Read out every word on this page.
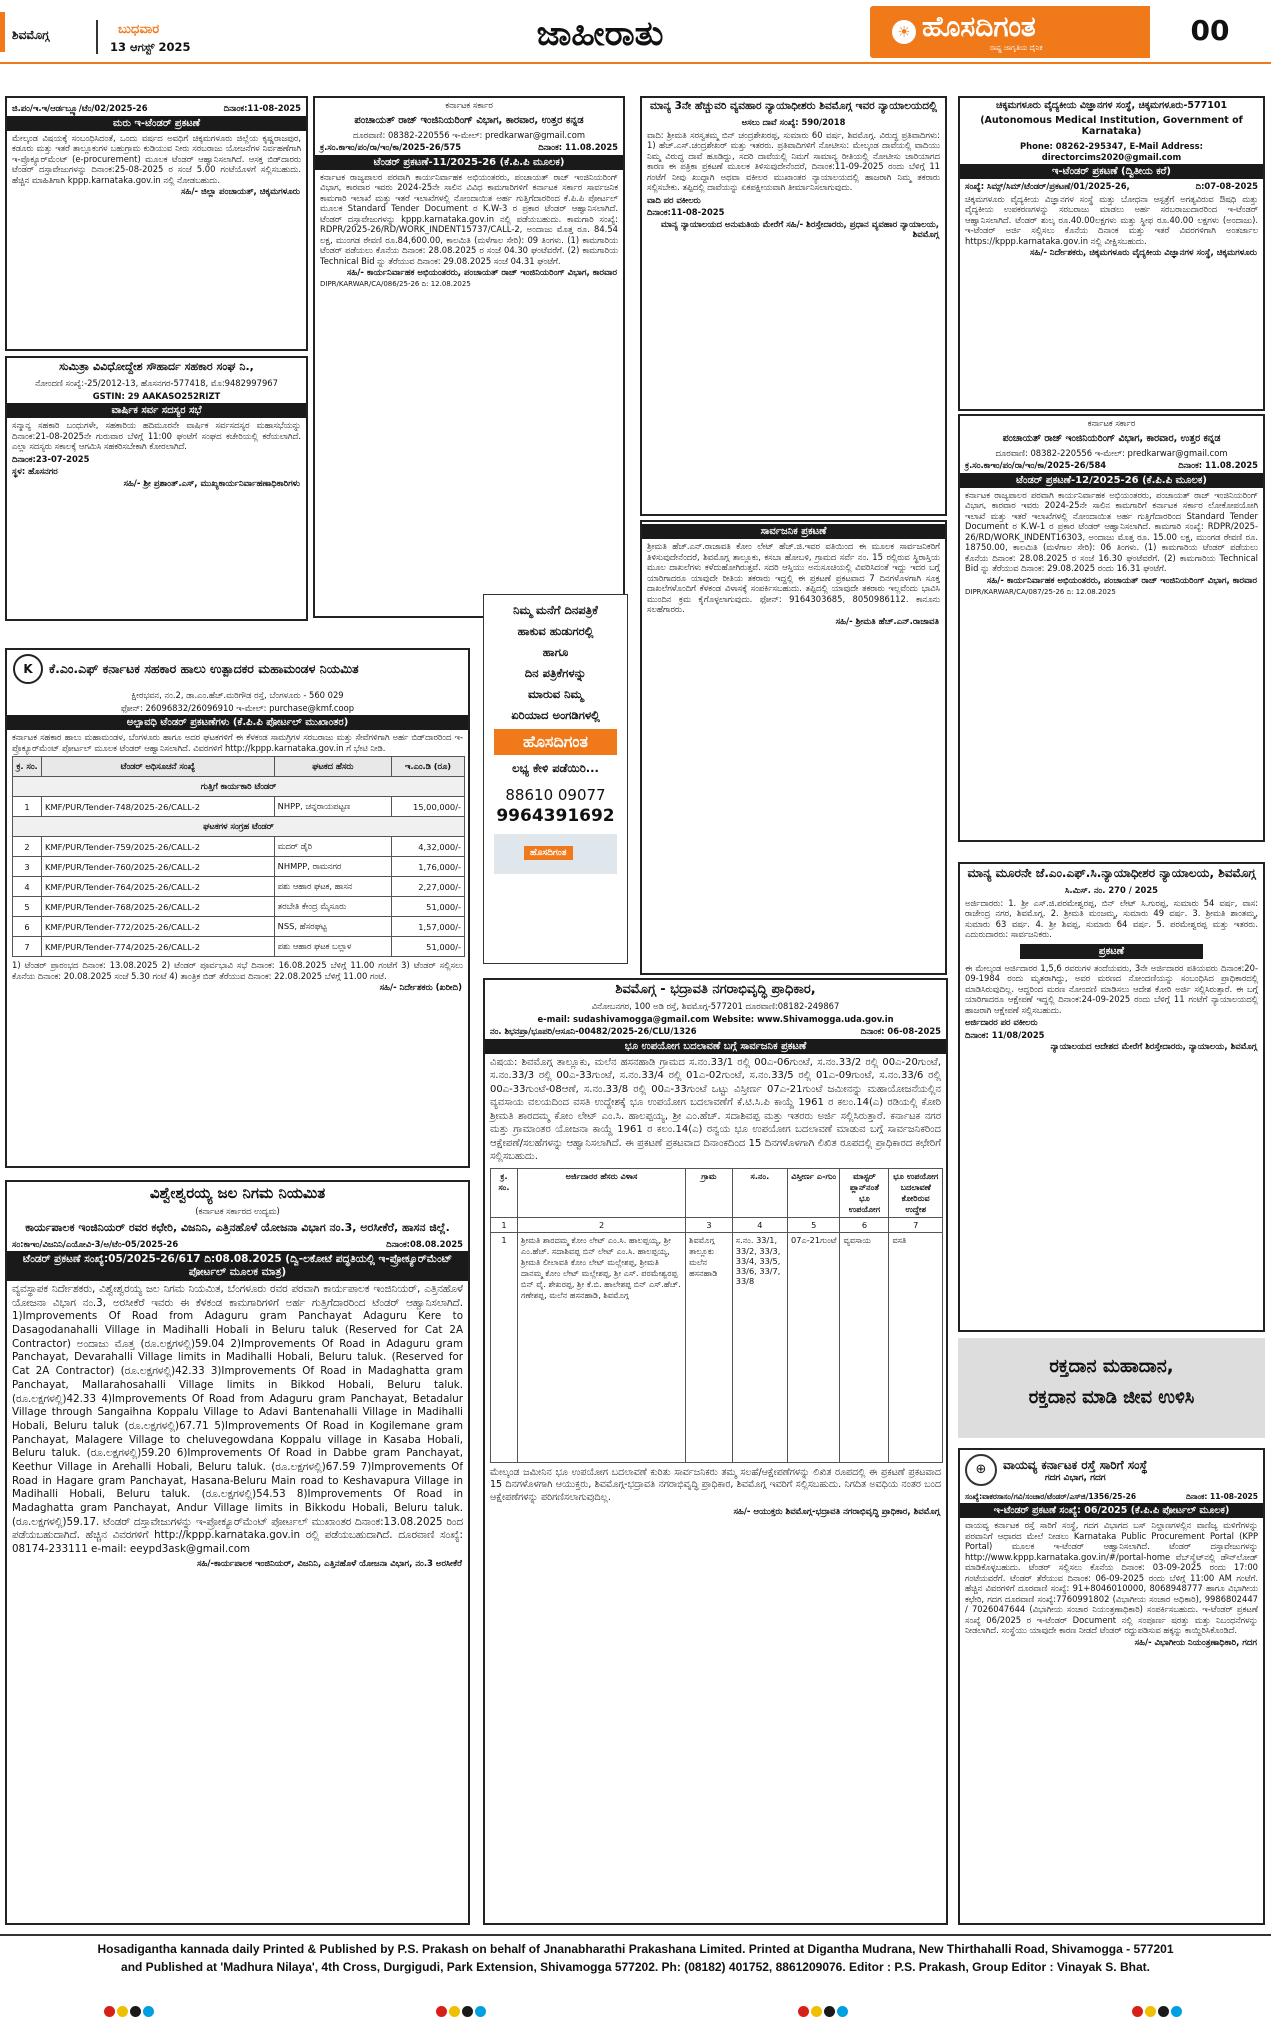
ಶಿವಮೊಗ್ಗ	ಬುಧವಾರ
13 ಆಗಸ್ಟ್ 2025	ಜಾಹೀರಾತು	☀ ಹೊಸದಿಗಂತ
ರಾಷ್ಟ್ರ ಜಾಗೃತಿಯ ದೈನಿಕ
00
ಜಿ.ಪಂ/ಇ.ಇ/ಆರ್ಡಬ್ಲ್ಯೂ/ಟೆಂ/02/2025-26	ದಿನಾಂಕ:11-08-2025
ಮರು ಇ-ಟೆಂಡರ್ ಪ್ರಕಟಣೆ
ಮೇಲ್ಕಂಡ ವಿಷಯಕ್ಕೆ ಸಂಬಂಧಿಸಿದಂತೆ, ಒಂದು ವರ್ಷದ ಅವಧಿಗೆ ಚಿಕ್ಕಮಗಳೂರು ಜಿಲ್ಲೆಯ ಕೃಷ್ಣರಾಜಪುರ, ಕಡೂರು ಮತ್ತು ಇತರೆ ತಾಲ್ಲೂಕುಗಳ ಬಹುಗ್ರಾಮ ಕುಡಿಯುವ ನೀರು ಸರಬರಾಜು ಯೋಜನೆಗಳ ನಿರ್ವಹಣೆಗಾಗಿ ಇ-ಪ್ರೊಕ್ಯೂರ್‌ಮೆಂಟ್ (e-procurement) ಮೂಲಕ ಟೆಂಡರ್ ಆಹ್ವಾನಿಸಲಾಗಿದೆ. ಆಸಕ್ತ ಬಿಡ್‌ದಾರರು ಟೆಂಡರ್ ದಸ್ತಾವೇಜುಗಳನ್ನು ದಿನಾಂಕ:25-08-2025 ರ ಸಂಜೆ 5.00 ಗಂಟೆಯೊಳಗೆ ಸಲ್ಲಿಸಬಹುದು. ಹೆಚ್ಚಿನ ಮಾಹಿತಿಗಾಗಿ kppp.karnataka.gov.in ನಲ್ಲಿ ನೋಡಬಹುದು.
ಸಹಿ/- ಜಿಲ್ಲಾ ಪಂಚಾಯತ್, ಚಿಕ್ಕಮಗಳೂರು
ಸುಮಿತ್ರಾ ವಿವಿಧೋದ್ದೇಶ ಸೌಹಾರ್ದ ಸಹಕಾರ ಸಂಘ ನಿ.,
ನೋಂದಣಿ ಸಂಖ್ಯೆ:-25/2012-13, ಹೊಸನಗರ-577418, ಮೊ:9482997967
GSTIN: 29 AAKASO252RIZT
ವಾರ್ಷಿಕ ಸರ್ವ ಸದಸ್ಯರ ಸಭೆ
ಸನ್ಮಾನ್ಯ ಸಹಕಾರಿ ಬಂಧುಗಳೇ, ಸಹಕಾರಿಯ ಹದಿಮೂರನೇ ವಾರ್ಷಿಕ ಸರ್ವಸದಸ್ಯರ ಮಹಾಸಭೆಯನ್ನು ದಿನಾಂಕ:21-08-2025ನೇ ಗುರುವಾರ ಬೆಳಿಗ್ಗೆ 11:00 ಘಂಟೆಗೆ ಸಂಘದ ಕಚೇರಿಯಲ್ಲಿ ಕರೆಯಲಾಗಿದೆ. ಎಲ್ಲಾ ಸದಸ್ಯರು ಸಕಾಲಕ್ಕೆ ಆಗಮಿಸಿ ಸಹಕರಿಸಬೇಕಾಗಿ ಕೋರಲಾಗಿದೆ.
ದಿನಾಂಕ:23-07-2025
ಸ್ಥಳ: ಹೊಸನಗರ
ಸಹಿ/- ಶ್ರೀ ಪ್ರಶಾಂತ್.ಎಸ್, ಮುಖ್ಯಕಾರ್ಯನಿರ್ವಾಹಣಾಧಿಕಾರಿಗಳು
K	ಕೆ.ಎಂ.ಎಫ್ ಕರ್ನಾಟಕ ಸಹಕಾರ ಹಾಲು ಉತ್ಪಾದಕರ ಮಹಾಮಂಡಳ ನಿಯಮಿತ
ಕ್ಷೀರಭವನ, ನಂ.2, ಡಾ.ಎಂ.ಹೆಚ್.ಮರಿಗೌಡ ರಸ್ತೆ, ಬೆಂಗಳೂರು - 560 029
ಫೋನ್: 26096832/26096910 ಇ-ಮೇಲ್: purchase@kmf.coop
ಅಲ್ಪಾವಧಿ ಟೆಂಡರ್ ಪ್ರಕಟಣೆಗಳು (ಕೆ.ಪಿ.ಪಿ ಪೋರ್ಟಲ್ ಮುಖಾಂತರ)
ಕರ್ನಾಟಕ ಸಹಕಾರ ಹಾಲು ಮಹಾಮಂಡಳ, ಬೆಂಗಳೂರು ಹಾಗೂ ಅದರ ಘಟಕಗಳಿಗೆ ಈ ಕೆಳಕಂಡ ಸಾಮಗ್ರಿಗಳ ಸರಬರಾಜು ಮತ್ತು ಸೇವೆಗಳಿಗಾಗಿ ಅರ್ಹ ಬಿಡ್‌ದಾರರಿಂದ ಇ-ಪ್ರೊಕ್ಯೂರ್‌ಮೆಂಟ್ ಪೋರ್ಟಲ್ ಮೂಲಕ ಟೆಂಡರ್ ಆಹ್ವಾನಿಸಲಾಗಿದೆ. ವಿವರಗಳಿಗೆ http://kppp.karnataka.gov.in ಗೆ ಭೇಟಿ ನೀಡಿ.
ಕ್ರ. ಸಂ.	ಟೆಂಡರ್ ಅಧಿಸೂಚನೆ ಸಂಖ್ಯೆ	ಘಟಕದ ಹೆಸರು	ಇ.ಎಂ.ಡಿ (ರೂ)
ಗುತ್ತಿಗೆ ಕಾರ್ಯಕಾರಿ ಟೆಂಡರ್			
1	KMF/PUR/Tender-748/2025-26/CALL-2	NHPP, ಚನ್ನರಾಯಪಟ್ಟಣ	15,00,000/-
ಘಟಕಗಳ ಸಂಗ್ರಹ ಟೆಂಡರ್			
2	KMF/PUR/Tender-759/2025-26/CALL-2	ಮದರ್ ಡೈರಿ	4,32,000/-
3	KMF/PUR/Tender-760/2025-26/CALL-2	NHMPP, ರಾಮನಗರ	1,76,000/-
4	KMF/PUR/Tender-764/2025-26/CALL-2	ಪಶು ಆಹಾರ ಘಟಕ, ಹಾಸನ	2,27,000/-
5	KMF/PUR/Tender-768/2025-26/CALL-2	ತರಬೇತಿ ಕೇಂದ್ರ ಮೈಸೂರು	51,000/-
6	KMF/PUR/Tender-772/2025-26/CALL-2	NSS, ಹೆಸರಘಟ್ಟ	1,57,000/-
7	KMF/PUR/Tender-774/2025-26/CALL-2	ಪಶು ಆಹಾರ ಘಟಕ ಬಲ್ಲಾಳ	51,000/-
1) ಟೆಂಡರ್ ಪ್ರಾರಂಭದ ದಿನಾಂಕ: 13.08.2025 2) ಟೆಂಡರ್ ಪೂರ್ವಭಾವಿ ಸಭೆ ದಿನಾಂಕ: 16.08.2025 ಬೆಳಿಗ್ಗೆ 11.00 ಗಂಟೆಗೆ 3) ಟೆಂಡರ್ ಸಲ್ಲಿಸಲು ಕೊನೆಯ ದಿನಾಂಕ: 20.08.2025 ಸಂಜೆ 5.30 ಗಂಟೆ 4) ತಾಂತ್ರಿಕ ಬಿಡ್ ತೆರೆಯುವ ದಿನಾಂಕ: 22.08.2025 ಬೆಳಿಗ್ಗೆ 11.00 ಗಂಟೆ.
ಸಹಿ/- ನಿರ್ದೇಶಕರು (ಖರೀದಿ)
ವಿಶ್ವೇಶ್ವರಯ್ಯ ಜಲ ನಿಗಮ ನಿಯಮಿತ
(ಕರ್ನಾಟಕ ಸರ್ಕಾರದ ಉದ್ಯಮ)
ಕಾರ್ಯಪಾಲಕ ಇಂಜಿನಿಯರ್ ರವರ ಕಛೇರಿ, ವಿಜನಿನಿ, ಎತ್ತಿನಹೊಳೆ ಯೋಜನಾ ವಿಭಾಗ ನಂ.3, ಅರಸೀಕೆರೆ, ಹಾಸನ ಜಿಲ್ಲೆ.
ಸಂ:ಕಾಇಂ/ವಿಜನಿನಿ/ಎಯೋವಿ-3/ಅ/ಟೆಂ-05/2025-26	ದಿನಾಂಕ:08.08.2025
ಟೆಂಡರ್ ಪ್ರಕಟಣೆ ಸಂಖ್ಯೆ:05/2025-26/617 ದಿ:08.08.2025 (ದ್ವಿ-ಲಕೋಟೆ ಪದ್ಧತಿಯಲ್ಲಿ ಇ-ಪ್ರೋಕ್ಯೂರ್‌ಮೆಂಟ್ ಪೋರ್ಟಲ್ ಮೂಲಕ ಮಾತ್ರ)
ವ್ಯವಸ್ಥಾಪಕ ನಿರ್ದೇಶಕರು, ವಿಶ್ವೇಶ್ವರಯ್ಯ ಜಲ ನಿಗಮ ನಿಯಮಿತ, ಬೆಂಗಳೂರು ರವರ ಪರವಾಗಿ ಕಾರ್ಯಪಾಲಕ ಇಂಜಿನಿಯರ್, ಎತ್ತಿನಹೊಳೆ ಯೋಜನಾ ವಿಭಾಗ ನಂ.3, ಅರಸೀಕೆರೆ ಇವರು ಈ ಕೆಳಕಂಡ ಕಾಮಗಾರಿಗಳಿಗೆ ಅರ್ಹ ಗುತ್ತಿಗೆದಾರರಿಂದ ಟೆಂಡರ್ ಆಹ್ವಾನಿಸಲಾಗಿದೆ. 1)Improvements Of Road from Adaguru gram Panchayat Adaguru Kere to Dasagodanahalli Village in Madihalli Hobali in Beluru taluk (Reserved for Cat 2A Contractor) ಅಂದಾಜು ಮೊತ್ತ (ರೂ.ಲಕ್ಷಗಳಲ್ಲಿ)59.04 2)Improvements Of Road in Adaguru gram Panchayat, Devarahalli Village limits in Madihalli Hobali, Beluru taluk. (Reserved for Cat 2A Contractor) (ರೂ.ಲಕ್ಷಗಳಲ್ಲಿ)42.33 3)Improvements Of Road in Madaghatta gram Panchayat, Mallarahosahalli Village limits in Bikkod Hobali, Beluru taluk. (ರೂ.ಲಕ್ಷಗಳಲ್ಲಿ)42.33 4)Improvements Of Road from Adaguru gram Panchayat, Betadalur Village through Sangaihna Koppalu Village to Adavi Bantenahalli Village in Madihalli Hobali, Beluru taluk (ರೂ.ಲಕ್ಷಗಳಲ್ಲಿ)67.71 5)Improvements Of Road in Kogilemane gram Panchayat, Malagere Village to cheluvegowdana Koppalu village in Kasaba Hobali, Beluru taluk. (ರೂ.ಲಕ್ಷಗಳಲ್ಲಿ)59.20 6)Improvements Of Road in Dabbe gram Panchayat, Keethur Village in Arehalli Hobali, Beluru taluk. (ರೂ.ಲಕ್ಷಗಳಲ್ಲಿ)67.59 7)Improvements Of Road in Hagare gram Panchayat, Hasana-Beluru Main road to Keshavapura Village in Madihalli Hobali, Beluru taluk. (ರೂ.ಲಕ್ಷಗಳಲ್ಲಿ)54.53 8)Improvements Of Road in Madaghatta gram Panchayat, Andur Village limits in Bikkodu Hobali, Beluru taluk. (ರೂ.ಲಕ್ಷಗಳಲ್ಲಿ)59.17. ಟೆಂಡರ್ ದಸ್ತಾವೇಜುಗಳನ್ನು ಇ-ಪ್ರೋಕ್ಯೂರ್‌ಮೆಂಟ್ ಪೋರ್ಟಲ್ ಮುಖಾಂತರ ದಿನಾಂಕ:13.08.2025 ರಿಂದ ಪಡೆಯಬಹುದಾಗಿದೆ. ಹೆಚ್ಚಿನ ವಿವರಗಳಿಗೆ http://kppp.karnataka.gov.in ರಲ್ಲಿ ಪಡೆಯಬಹುದಾಗಿದೆ. ದೂರವಾಣಿ ಸಂಖ್ಯೆ: 08174-233111 e-mail: eeypd3ask@gmail.com
ಸಹಿ/-ಕಾರ್ಯಪಾಲಕ ಇಂಜಿನಿಯರ್, ವಿಜನಿನಿ, ಎತ್ತಿನಹೊಳೆ ಯೋಜನಾ ವಿಭಾಗ, ನಂ.3 ಅರಸೀಕೆರೆ
ಕರ್ನಾಟಕ ಸರ್ಕಾರ
ಪಂಚಾಯತ್ ರಾಜ್ ಇಂಜಿನಿಯರಿಂಗ್ ವಿಭಾಗ, ಕಾರವಾರ, ಉತ್ತರ ಕನ್ನಡ
ದೂರವಾಣಿ: 08382-220556 ಇ-ಮೇಲ್: predkarwar@gmail.com
ಕ್ರ.ಸಂ.ಕಾಇಂ/ಪಂ/ರಾ/ಇಂ/ಕಾ/2025-26/575	ದಿನಾಂಕ: 11.08.2025
ಟೆಂಡರ್ ಪ್ರಕಟಣೆ-11/2025-26 (ಕೆ.ಪಿ.ಪಿ ಮೂಲಕ)
ಕರ್ನಾಟಕ ರಾಜ್ಯಪಾಲರ ಪರವಾಗಿ ಕಾರ್ಯನಿರ್ವಾಹಕ ಅಭಿಯಂತರರು, ಪಂಚಾಯತ್ ರಾಜ್ ಇಂಜಿನಿಯರಿಂಗ್ ವಿಭಾಗ, ಕಾರವಾರ ಇವರು 2024-25ನೇ ಸಾಲಿನ ವಿವಿಧ ಕಾಮಗಾರಿಗಳಿಗೆ ಕರ್ನಾಟಕ ಸರ್ಕಾರ ಸಾರ್ವಜನಿಕ ಕಾಮಗಾರಿ ಇಲಾಖೆ ಮತ್ತು ಇತರೆ ಇಲಾಖೆಗಳಲ್ಲಿ ನೋಂದಾಯಿತ ಅರ್ಹ ಗುತ್ತಿಗೆದಾರರಿಂದ ಕೆ.ಪಿ.ಪಿ ಪೋರ್ಟಲ್ ಮೂಲಕ Standard Tender Document ರ K.W-3 ರ ಪ್ರಕಾರ ಟೆಂಡರ್ ಆಹ್ವಾನಿಸಲಾಗಿದೆ. ಟೆಂಡರ್ ದಸ್ತಾವೇಜುಗಳನ್ನು kppp.karnataka.gov.in ನಲ್ಲಿ ಪಡೆಯಬಹುದು. ಕಾಮಗಾರಿ ಸಂಖ್ಯೆ: RDPR/2025-26/RD/WORK_INDENT15737/CALL-2, ಅಂದಾಜು ಮೊತ್ತ ರೂ. 84.54 ಲಕ್ಷ, ಮುಂಗಡ ಠೇವಣಿ ರೂ.84,600.00, ಕಾಲಮಿತಿ (ಮಳೆಗಾಲ ಸೇರಿ): 09 ತಿಂಗಳು. (1) ಕಾಮಗಾರಿಯ ಟೆಂಡರ್ ಪಡೆಯಲು ಕೊನೆಯ ದಿನಾಂಕ: 28.08.2025 ರ ಸಂಜೆ 04.30 ಘಂಟೆವರೆಗೆ. (2) ಕಾಮಗಾರಿಯ Technical Bid ನ್ನು ತೆರೆಯುವ ದಿನಾಂಕ: 29.08.2025 ಸಂಜೆ 04.31 ಘಂಟೆಗೆ.
ಸಹಿ/- ಕಾರ್ಯನಿರ್ವಾಹಕ ಅಭಿಯಂತರರು, ಪಂಚಾಯತ್ ರಾಜ್ ಇಂಜಿನಿಯರಿಂಗ್ ವಿಭಾಗ, ಕಾರವಾರ
DIPR/KARWAR/CA/086/25-26 ದಿ: 12.08.2025
ನಿಮ್ಮ ಮನೆಗೆ ದಿನಪತ್ರಿಕೆ
ಹಾಕುವ ಹುಡುಗರಲ್ಲಿ
ಹಾಗೂ
ದಿನ ಪತ್ರಿಕೆಗಳನ್ನು
ಮಾರುವ ನಿಮ್ಮ
ಏರಿಯಾದ ಅಂಗಡಿಗಳಲ್ಲಿ
ಹೊಸದಿಗಂತ
ಲಭ್ಯ ಕೇಳಿ ಪಡೆಯಿರಿ...
88610 09077
9964391692
ಹೊಸದಿಗಂತ
ಮಾನ್ಯ 3ನೇ ಹೆಚ್ಚುವರಿ ವ್ಯವಹಾರ ನ್ಯಾಯಾಧೀಶರು ಶಿವಮೊಗ್ಗ ಇವರ ನ್ಯಾಯಾಲಯದಲ್ಲಿ
ಅಸಲು ದಾವೆ ಸಂಖ್ಯೆ: 590/2018
ವಾದಿ: ಶ್ರೀಮತಿ ಸರಸ್ವತಮ್ಮ ಬಿನ್ ಚಂದ್ರಶೇಖರಪ್ಪ, ಸುಮಾರು 60 ವರ್ಷ, ಶಿವಮೊಗ್ಗ. ವಿರುದ್ಧ ಪ್ರತಿವಾದಿಗಳು: 1) ಹೆಚ್.ಎಸ್.ಚಂದ್ರಶೇಖರ್ ಮತ್ತು ಇತರರು. ಪ್ರತಿವಾದಿಗಳಿಗೆ ನೋಟೀಸು: ಮೇಲ್ಕಂಡ ದಾವೆಯಲ್ಲಿ ವಾದಿಯು ನಿಮ್ಮ ವಿರುದ್ಧ ದಾವೆ ಹೂಡಿದ್ದು, ಸದರಿ ದಾವೆಯಲ್ಲಿ ನಿಮಗೆ ಸಾಮಾನ್ಯ ರೀತಿಯಲ್ಲಿ ನೋಟೀಸು ಜಾರಿಯಾಗದ ಕಾರಣ ಈ ಪತ್ರಿಕಾ ಪ್ರಕಟಣೆ ಮೂಲಕ ತಿಳಿಸುವುದೇನೆಂದರೆ, ದಿನಾಂಕ:11-09-2025 ರಂದು ಬೆಳಿಗ್ಗೆ 11 ಗಂಟೆಗೆ ನೀವು ಖುದ್ದಾಗಿ ಅಥವಾ ವಕೀಲರ ಮುಖಾಂತರ ನ್ಯಾಯಾಲಯದಲ್ಲಿ ಹಾಜರಾಗಿ ನಿಮ್ಮ ತಕರಾರು ಸಲ್ಲಿಸಬೇಕು. ತಪ್ಪಿದಲ್ಲಿ ದಾವೆಯನ್ನು ಏಕಪಕ್ಷೀಯವಾಗಿ ತೀರ್ಮಾನಿಸಲಾಗುವುದು.
ವಾದಿ ಪರ ವಕೀಲರು
ದಿನಾಂಕ:11-08-2025
ಮಾನ್ಯ ನ್ಯಾಯಾಲಯದ ಅನುಮತಿಯ ಮೇರೆಗೆ ಸಹಿ/- ಶಿರಸ್ತೇದಾರರು, ಪ್ರಧಾನ ವ್ಯವಹಾರ ನ್ಯಾಯಾಲಯ, ಶಿವಮೊಗ್ಗ
ಸಾರ್ವಜನಿಕ ಪ್ರಕಟಣೆ
ಶ್ರೀಮತಿ ಹೆಚ್.ಎನ್.ರಾಜಾವತಿ ಕೋಂ ಲೇಟ್ ಹೆಚ್.ಜಿ.ಇವರ ವತಿಯಿಂದ ಈ ಮೂಲಕ ಸಾರ್ವಜನಿಕರಿಗೆ ತಿಳಿಸುವುದೇನೆಂದರೆ, ಶಿವಮೊಗ್ಗ ತಾಲ್ಲೂಕು, ಕಸಬಾ ಹೋಬಳಿ, ಗ್ರಾಮದ ಸರ್ವೆ ನಂ. 15 ರಲ್ಲಿರುವ ಸ್ಥಿರಾಸ್ತಿಯ ಮೂಲ ದಾಖಲೆಗಳು ಕಳೆದುಹೋಗಿರುತ್ತವೆ. ಸದರಿ ಆಸ್ತಿಯು ಅನುಸೂಚಿಯಲ್ಲಿ ವಿವರಿಸಿದಂತೆ ಇದ್ದು ಇದರ ಬಗ್ಗೆ ಯಾರಿಗಾದರೂ ಯಾವುದೇ ರೀತಿಯ ತಕರಾರು ಇದ್ದಲ್ಲಿ ಈ ಪ್ರಕಟಣೆ ಪ್ರಕಟವಾದ 7 ದಿನಗಳೊಳಗಾಗಿ ಸೂಕ್ತ ದಾಖಲೆಗಳೊಂದಿಗೆ ಕೆಳಕಂಡ ವಿಳಾಸಕ್ಕೆ ಸಂಪರ್ಕಿಸಬಹುದು. ತಪ್ಪಿದಲ್ಲಿ ಯಾವುದೇ ತಕರಾರು ಇಲ್ಲವೆಂದು ಭಾವಿಸಿ ಮುಂದಿನ ಕ್ರಮ ಕೈಗೊಳ್ಳಲಾಗುವುದು. ಫೋನ್: 9164303685, 8050986112. ಕಾನೂನು ಸಲಹೆಗಾರರು.
ಸಹಿ/- ಶ್ರೀಮತಿ ಹೆಚ್.ಎನ್.ರಾಜಾವತಿ
ಶಿವಮೊಗ್ಗ - ಭದ್ರಾವತಿ ನಗರಾಭಿವೃದ್ಧಿ ಪ್ರಾಧಿಕಾರ,
ವಿನೋಬನಗರ, 100 ಅಡಿ ರಸ್ತೆ, ಶಿವಮೊಗ್ಗ-577201 ದೂರವಾಣಿ:08182-249867
e-mail: sudashivamogga@gmail.com Website: www.Shivamogga.uda.gov.in
ನಂ. ಶಿಭನಪ್ರಾ/ಭೂಪರಿ/ಆಸೂನಿ-00482/2025-26/CLU/1326	ದಿನಾಂಕ: 06-08-2025
ಭೂ ಉಪಯೋಗ ಬದಲಾವಣೆ ಬಗ್ಗೆ ಸಾರ್ವಜನಿಕ ಪ್ರಕಟಣೆ
ವಿಷಯ: ಶಿವಮೊಗ್ಗ ತಾಲ್ಲೂಕು, ಮಲೆನ ಹಸನಹಾಡಿ ಗ್ರಾಮದ ಸ.ನಂ.33/1 ರಲ್ಲಿ 00ಎ-06ಗುಂಟೆ, ಸ.ನಂ.33/2 ರಲ್ಲಿ 00ಎ-20ಗುಂಟೆ, ಸ.ನಂ.33/3 ರಲ್ಲಿ 00ಎ-33ಗುಂಟೆ, ಸ.ನಂ.33/4 ರಲ್ಲಿ 01ಎ-02ಗುಂಟೆ, ಸ.ನಂ.33/5 ರಲ್ಲಿ 01ಎ-09ಗುಂಟೆ, ಸ.ನಂ.33/6 ರಲ್ಲಿ 00ಎ-33ಗುಂಟೆ-08ಆಣೆ, ಸ.ನಂ.33/8 ರಲ್ಲಿ 00ಎ-33ಗುಂಟೆ ಒಟ್ಟು ವಿಸ್ತೀರ್ಣ 07ಎ-21ಗುಂಟೆ ಜಮೀನನ್ನು ಮಹಾಯೋಜನೆಯಲ್ಲಿನ ವ್ಯವಸಾಯ ವಲಯದಿಂದ ವಸತಿ ಉದ್ದೇಶಕ್ಕೆ ಭೂ ಉಪಯೋಗ ಬದಲಾವಣೆಗೆ ಕೆ.ಟಿ.ಸಿ.ಪಿ ಕಾಯ್ದೆ 1961 ರ ಕಲಂ.14(ಎ) ರಡಿಯಲ್ಲಿ ಕೋರಿ ಶ್ರೀಮತಿ ಶಾರದಮ್ಮ ಕೋಂ ಲೇಟ್ ಎಂ.ಸಿ. ಹಾಲಪ್ಪಯ್ಯ, ಶ್ರೀ ಎಂ.ಹೆಚ್. ಸದಾಶಿವಪ್ಪ ಮತ್ತು ಇತರರು ಅರ್ಜಿ ಸಲ್ಲಿಸಿರುತ್ತಾರೆ. ಕರ್ನಾಟಕ ನಗರ ಮತ್ತು ಗ್ರಾಮಾಂತರ ಯೋಜನಾ ಕಾಯ್ದೆ 1961 ರ ಕಲಂ.14(ಎ) ರನ್ವಯ ಭೂ ಉಪಯೋಗ ಬದಲಾವಣೆ ಮಾಡುವ ಬಗ್ಗೆ ಸಾರ್ವಜನಿಕರಿಂದ ಆಕ್ಷೇಪಣೆ/ಸಲಹೆಗಳನ್ನು ಆಹ್ವಾನಿಸಲಾಗಿದೆ. ಈ ಪ್ರಕಟಣೆ ಪ್ರಕಟವಾದ ದಿನಾಂಕದಿಂದ 15 ದಿನಗಳೊಳಗಾಗಿ ಲಿಖಿತ ರೂಪದಲ್ಲಿ ಪ್ರಾಧಿಕಾರದ ಕಛೇರಿಗೆ ಸಲ್ಲಿಸಬಹುದು.
ಕ್ರ. ಸಂ.	ಅರ್ಜಿದಾರರ ಹೆಸರು ವಿಳಾಸ	ಗ್ರಾಮ	ಸ.ನಂ.	ವಿಸ್ತೀರ್ಣ ಎ-ಗುಂ	ಮಾಸ್ಟರ್ ಪ್ಲಾನ್‌ನಂತೆ ಭೂ ಉಪಯೋಗ	ಭೂ ಉಪಯೋಗ ಬದಲಾವಣೆ ಕೋರಿರುವ ಉದ್ದೇಶ
1	2	3	4	5	6	7
1	ಶ್ರೀಮತಿ ಶಾರದಮ್ಮ ಕೋಂ ಲೇಟ್ ಎಂ.ಸಿ. ಹಾಲಪ್ಪಯ್ಯ, ಶ್ರೀ ಎಂ.ಹೆಚ್. ಸದಾಶಿವಪ್ಪ ಬಿನ್ ಲೇಟ್ ಎಂ.ಸಿ. ಹಾಲಪ್ಪಯ್ಯ, ಶ್ರೀಮತಿ ಲೀಲಾವತಿ ಕೋಂ ಲೇಟ್ ಮಲ್ಲೇಶಪ್ಪ, ಶ್ರೀಮತಿ ದಾನಮ್ಮ ಕೋಂ ಲೇಟ್ ಮಲ್ಲೇಶಪ್ಪ, ಶ್ರೀ ಎಸ್. ಪರಮೇಶ್ವರಪ್ಪ ಬಿನ್ ವೈ. ಶೇಖರಪ್ಪ, ಶ್ರೀ ಕೆ.ಬಿ. ಹಾಲೇಶಪ್ಪ ಬಿನ್ ಎಸ್.ಹೆಚ್. ಗಣೇಶಪ್ಪ, ಮಲೆನ ಹಸನಹಾಡಿ, ಶಿವಮೊಗ್ಗ	ಶಿವಮೊಗ್ಗ ತಾಲ್ಲೂಕು ಮಲೆನ ಹಸನಹಾಡಿ	ಸ.ನಂ. 33/1, 33/2, 33/3, 33/4, 33/5, 33/6, 33/7, 33/8	07ಎ-21ಗುಂಟೆ	ವ್ಯವಸಾಯ	ವಸತಿ
ಮೇಲ್ಕಂಡ ಜಮೀನಿನ ಭೂ ಉಪಯೋಗ ಬದಲಾವಣೆ ಕುರಿತು ಸಾರ್ವಜನಿಕರು ತಮ್ಮ ಸಲಹೆ/ಆಕ್ಷೇಪಣೆಗಳನ್ನು ಲಿಖಿತ ರೂಪದಲ್ಲಿ ಈ ಪ್ರಕಟಣೆ ಪ್ರಕಟವಾದ 15 ದಿನಗಳೊಳಗಾಗಿ ಆಯುಕ್ತರು, ಶಿವಮೊಗ್ಗ-ಭದ್ರಾವತಿ ನಗರಾಭಿವೃದ್ಧಿ ಪ್ರಾಧಿಕಾರ, ಶಿವಮೊಗ್ಗ ಇವರಿಗೆ ಸಲ್ಲಿಸಬಹುದು. ನಿಗದಿತ ಅವಧಿಯ ನಂತರ ಬಂದ ಆಕ್ಷೇಪಣೆಗಳನ್ನು ಪರಿಗಣಿಸಲಾಗುವುದಿಲ್ಲ.
ಸಹಿ/- ಆಯುಕ್ತರು ಶಿವಮೊಗ್ಗ-ಭದ್ರಾವತಿ ನಗರಾಭಿವೃದ್ಧಿ ಪ್ರಾಧಿಕಾರ, ಶಿವಮೊಗ್ಗ
ಚಿಕ್ಕಮಗಳೂರು ವೈದ್ಯಕೀಯ ವಿಜ್ಞಾನಗಳ ಸಂಸ್ಥೆ, ಚಿಕ್ಕಮಗಳೂರು-577101
(Autonomous Medical Institution, Government of Karnataka)
Phone: 08262-295347, E-Mail Address: directorcims2020@gmail.com
ಇ-ಟೆಂಡರ್ ಪ್ರಕಟಣೆ (ದ್ವಿತೀಯ ಕರೆ)
ಸಂಖ್ಯೆ: ಸಿಮ್ಸ್/ಸಿಮ್/ಟೆಂಡರ್/ಪ್ರಕಟಣೆ/01/2025-26,	ದಿ:07-08-2025
ಚಿಕ್ಕಮಗಳೂರು ವೈದ್ಯಕೀಯ ವಿಜ್ಞಾನಗಳ ಸಂಸ್ಥೆ ಮತ್ತು ಬೋಧನಾ ಆಸ್ಪತ್ರೆಗೆ ಅಗತ್ಯವಿರುವ ಔಷಧಿ ಮತ್ತು ವೈದ್ಯಕೀಯ ಉಪಕರಣಗಳನ್ನು ಸರಬರಾಜು ಮಾಡಲು ಅರ್ಹ ಸರಬರಾಜುದಾರರಿಂದ ಇ-ಟೆಂಡರ್ ಆಹ್ವಾನಿಸಲಾಗಿದೆ. ಟೆಂಡರ್ ಶುಲ್ಕ ರೂ.40.00ಲಕ್ಷಗಳು ಮತ್ತು ಸ್ಥೀಫ ರೂ.40.00 ಲಕ್ಷಗಳು (ಅಂದಾಜು). ಇ-ಟೆಂಡರ್ ಅರ್ಜಿ ಸಲ್ಲಿಸಲು ಕೊನೆಯ ದಿನಾಂಕ ಮತ್ತು ಇತರೆ ವಿವರಗಳಿಗಾಗಿ ಅಂತರ್ಜಾಲ https://kppp.karnataka.gov.in ನಲ್ಲಿ ವೀಕ್ಷಿಸಬಹುದು.
ಸಹಿ/- ನಿರ್ದೇಶಕರು, ಚಿಕ್ಕಮಗಳೂರು ವೈದ್ಯಕೀಯ ವಿಜ್ಞಾನಗಳ ಸಂಸ್ಥೆ, ಚಿಕ್ಕಮಗಳೂರು
ಕರ್ನಾಟಕ ಸರ್ಕಾರ
ಪಂಚಾಯತ್ ರಾಜ್ ಇಂಜಿನಿಯರಿಂಗ್ ವಿಭಾಗ, ಕಾರವಾರ, ಉತ್ತರ ಕನ್ನಡ
ದೂರವಾಣಿ: 08382-220556 ಇ-ಮೇಲ್: predkarwar@gmail.com
ಕ್ರ.ಸಂ.ಕಾಇಂ/ಪಂ/ರಾ/ಇಂ/ಕಾ/2025-26/584	ದಿನಾಂಕ: 11.08.2025
ಟೆಂಡರ್ ಪ್ರಕಟಣೆ-12/2025-26 (ಕೆ.ಪಿ.ಪಿ ಮೂಲಕ)
ಕರ್ನಾಟಕ ರಾಜ್ಯಪಾಲರ ಪರವಾಗಿ ಕಾರ್ಯನಿರ್ವಾಹಕ ಅಭಿಯಂತರರು, ಪಂಚಾಯತ್ ರಾಜ್ ಇಂಜಿನಿಯರಿಂಗ್ ವಿಭಾಗ, ಕಾರವಾರ ಇವರು 2024-25ನೇ ಸಾಲಿನ ಕಾಮಗಾರಿಗೆ ಕರ್ನಾಟಕ ಸರ್ಕಾರ ಲೋಕೋಪಯೋಗಿ ಇಲಾಖೆ ಮತ್ತು ಇತರೆ ಇಲಾಖೆಗಳಲ್ಲಿ ನೋಂದಾಯಿತ ಅರ್ಹ ಗುತ್ತಿಗೆದಾರರಿಂದ Standard Tender Document ರ K.W-1 ರ ಪ್ರಕಾರ ಟೆಂಡರ್ ಆಹ್ವಾನಿಸಲಾಗಿದೆ. ಕಾಮಗಾರಿ ಸಂಖ್ಯೆ: RDPR/2025-26/RD/WORK_INDENT16303, ಅಂದಾಜು ಮೊತ್ತ ರೂ. 15.00 ಲಕ್ಷ, ಮುಂಗಡ ಠೇವಣಿ ರೂ. 18750.00, ಕಾಲಮಿತಿ (ಮಳೆಗಾಲ ಸೇರಿ): 06 ತಿಂಗಳು. (1) ಕಾಮಗಾರಿಯ ಟೆಂಡರ್ ಪಡೆಯಲು ಕೊನೆಯ ದಿನಾಂಕ: 28.08.2025 ರ ಸಂಜೆ 16.30 ಘಂಟೆವರೆಗೆ. (2) ಕಾಮಗಾರಿಯ Technical Bid ನ್ನು ತೆರೆಯುವ ದಿನಾಂಕ: 29.08.2025 ರಂದು 16.31 ಘಂಟೆಗೆ.
ಸಹಿ/- ಕಾರ್ಯನಿರ್ವಾಹಕ ಅಭಿಯಂತರರು, ಪಂಚಾಯತ್ ರಾಜ್ ಇಂಜಿನಿಯರಿಂಗ್ ವಿಭಾಗ, ಕಾರವಾರ
DIPR/KARWAR/CA/087/25-26 ದಿ: 12.08.2025
ಮಾನ್ಯ ಮೂರನೇ ಜೆ.ಎಂ.ಎಫ್.ಸಿ.ನ್ಯಾಯಾಧೀಶರ ನ್ಯಾಯಾಲಯ, ಶಿವಮೊಗ್ಗ
ಸಿ.ಮಿಸ್. ನಂ. 270 / 2025
ಅರ್ಜಿದಾರರು: 1. ಶ್ರೀ ಎಸ್.ಜಿ.ಪರಮೇಶ್ವರಪ್ಪ, ಬಿನ್ ಲೇಟ್ ಸಿ.ಗುರಪ್ಪ, ಸುಮಾರು 54 ವರ್ಷ, ವಾಸ: ರಾಜೇಂದ್ರ ನಗರ, ಶಿವಮೊಗ್ಗ. 2. ಶ್ರೀಮತಿ ಮಂಜಮ್ಮ, ಸುಮಾರು 49 ವರ್ಷ. 3. ಶ್ರೀಮತಿ ಶಾಂತಮ್ಮ, ಸುಮಾರು 63 ವರ್ಷ. 4. ಶ್ರೀ ಶಿವಪ್ಪ, ಸುಮಾರು 64 ವರ್ಷ. 5. ಪರಮೇಶ್ವರಪ್ಪ ಮತ್ತು ಇತರರು. ಎದುರುದಾರರು: ಸಾರ್ವಜನಿಕರು.
ಪ್ರಕಟಣೆ
ಈ ಮೇಲ್ಕಂಡ ಅರ್ಜಿದಾರರ 1,5,6 ರವರುಗಳ ತಂದೆಯವರು, 3ನೇ ಅರ್ಜಿದಾರರ ಪತಿಯವರು ದಿನಾಂಕ:20-09-1984 ರಂದು ಮೃತರಾಗಿದ್ದು, ಅವರ ಮರಣದ ನೋಂದಣಿಯನ್ನು ಸಂಬಂಧಿಸಿದ ಪ್ರಾಧಿಕಾರದಲ್ಲಿ ಮಾಡಿಸಿರುವುದಿಲ್ಲ. ಆದ್ದರಿಂದ ಮರಣ ನೋಂದಣಿ ಮಾಡಿಸಲು ಆದೇಶ ಕೋರಿ ಅರ್ಜಿ ಸಲ್ಲಿಸಿರುತ್ತಾರೆ. ಈ ಬಗ್ಗೆ ಯಾರಿಗಾದರೂ ಆಕ್ಷೇಪಣೆ ಇದ್ದಲ್ಲಿ ದಿನಾಂಕ:24-09-2025 ರಂದು ಬೆಳಿಗ್ಗೆ 11 ಗಂಟೆಗೆ ನ್ಯಾಯಾಲಯದಲ್ಲಿ ಹಾಜರಾಗಿ ಆಕ್ಷೇಪಣೆ ಸಲ್ಲಿಸಬಹುದು.
ಅರ್ಜಿದಾರರ ಪರ ವಕೀಲರು
ದಿನಾಂಕ: 11/08/2025
ನ್ಯಾಯಾಲಯದ ಆದೇಶದ ಮೇರೆಗೆ ಶಿರಸ್ತೇದಾರರು, ನ್ಯಾಯಾಲಯ, ಶಿವಮೊಗ್ಗ
ರಕ್ತದಾನ ಮಹಾದಾನ,
ರಕ್ತದಾನ ಮಾಡಿ ಜೀವ ಉಳಿಸಿ
⊕	ವಾಯವ್ಯ ಕರ್ನಾಟಕ ರಸ್ತೆ ಸಾರಿಗೆ ಸಂಸ್ಥೆ
ಗದಗ ವಿಭಾಗ, ಗದಗ
ಸಂಖ್ಯೆ:ವಾಕರಸಾಸಂ/ಗವಿ/ಸಂಚಾರ/ಟೆಂಡರ್/ಎಸ್‌ಜಿ/1356/25-26	ದಿನಾಂಕ: 11-08-2025
ಇ-ಟೆಂಡರ್ ಪ್ರಕಟಣೆ ಸಂಖ್ಯೆ: 06/2025 (ಕೆ.ಪಿ.ಪಿ ಪೋರ್ಟಲ್ ಮೂಲಕ)
ವಾಯವ್ಯ ಕರ್ನಾಟಕ ರಸ್ತೆ ಸಾರಿಗೆ ಸಂಸ್ಥೆ, ಗದಗ ವಿಭಾಗದ ಬಸ್ ನಿಲ್ದಾಣಗಳಲ್ಲಿನ ವಾಣಿಜ್ಯ ಮಳಿಗೆಗಳನ್ನು ಪರವಾನಿಗೆ ಆಧಾರದ ಮೇಲೆ ನೀಡಲು Karnataka Public Procurement Portal (KPP Portal) ಮೂಲಕ ಇ-ಟೆಂಡರ್ ಆಹ್ವಾನಿಸಲಾಗಿದೆ. ಟೆಂಡರ್ ದಸ್ತಾವೇಜುಗಳನ್ನು http://www.kppp.karnataka.gov.in/#/portal-home ವೆಬ್‌ಸೈಟ್‌ನಲ್ಲಿ ಡೌನ್‌ಲೋಡ್ ಮಾಡಿಕೊಳ್ಳಬಹುದು. ಟೆಂಡರ್ ಸಲ್ಲಿಸಲು ಕೊನೆಯ ದಿನಾಂಕ: 03-09-2025 ರಂದು 17:00 ಗಂಟೆಯವರೆಗೆ. ಟೆಂಡರ್ ತೆರೆಯುವ ದಿನಾಂಕ: 06-09-2025 ರಂದು ಬೆಳಿಗ್ಗೆ 11:00 AM ಗಂಟೆಗೆ. ಹೆಚ್ಚಿನ ವಿವರಗಳಿಗೆ ದೂರವಾಣಿ ಸಂಖ್ಯೆ: 91+8046010000, 8068948777 ಹಾಗೂ ವಿಭಾಗೀಯ ಕಛೇರಿ, ಗದಗ ದೂರವಾಣಿ ಸಂಖ್ಯೆ:7760991802 (ವಿಭಾಗೀಯ ಸಂಚಾರ ಅಧಿಕಾರಿ), 9986802447 / 7026047644 (ವಿಭಾಗೀಯ ಸಂಚಾರ ನಿಯಂತ್ರಣಾಧಿಕಾರಿ) ಸಂಪರ್ಕಿಸಬಹುದು. ಇ-ಟೆಂಡರ್ ಪ್ರಕಟಣೆ ಸಂಖ್ಯೆ 06/2025 ರ ಇ-ಟೆಂಡರ್ Document ನಲ್ಲಿ ಸಂಪೂರ್ಣ ಷರತ್ತು ಮತ್ತು ನಿಬಂಧನೆಗಳನ್ನು ನೀಡಲಾಗಿದೆ. ಸಂಸ್ಥೆಯು ಯಾವುದೇ ಕಾರಣ ನೀಡದೆ ಟೆಂಡರ್ ರದ್ದುಪಡಿಸುವ ಹಕ್ಕನ್ನು ಕಾಯ್ದಿರಿಸಿಕೊಂಡಿದೆ.
ಸಹಿ/- ವಿಭಾಗೀಯ ನಿಯಂತ್ರಣಾಧಿಕಾರಿ, ಗದಗ
Hosadigantha kannada daily Printed & Published by P.S. Prakash on behalf of Jnanabharathi Prakashana Limited. Printed at Digantha Mudrana, New Thirthahalli Road, Shivamogga - 577201
and Published at 'Madhura Nilaya', 4th Cross, Durgigudi, Park Extension, Shivamogga 577202. Ph: (08182) 401752, 8861209076. Editor : P.S. Prakash, Group Editor : Vinayak S. Bhat.
